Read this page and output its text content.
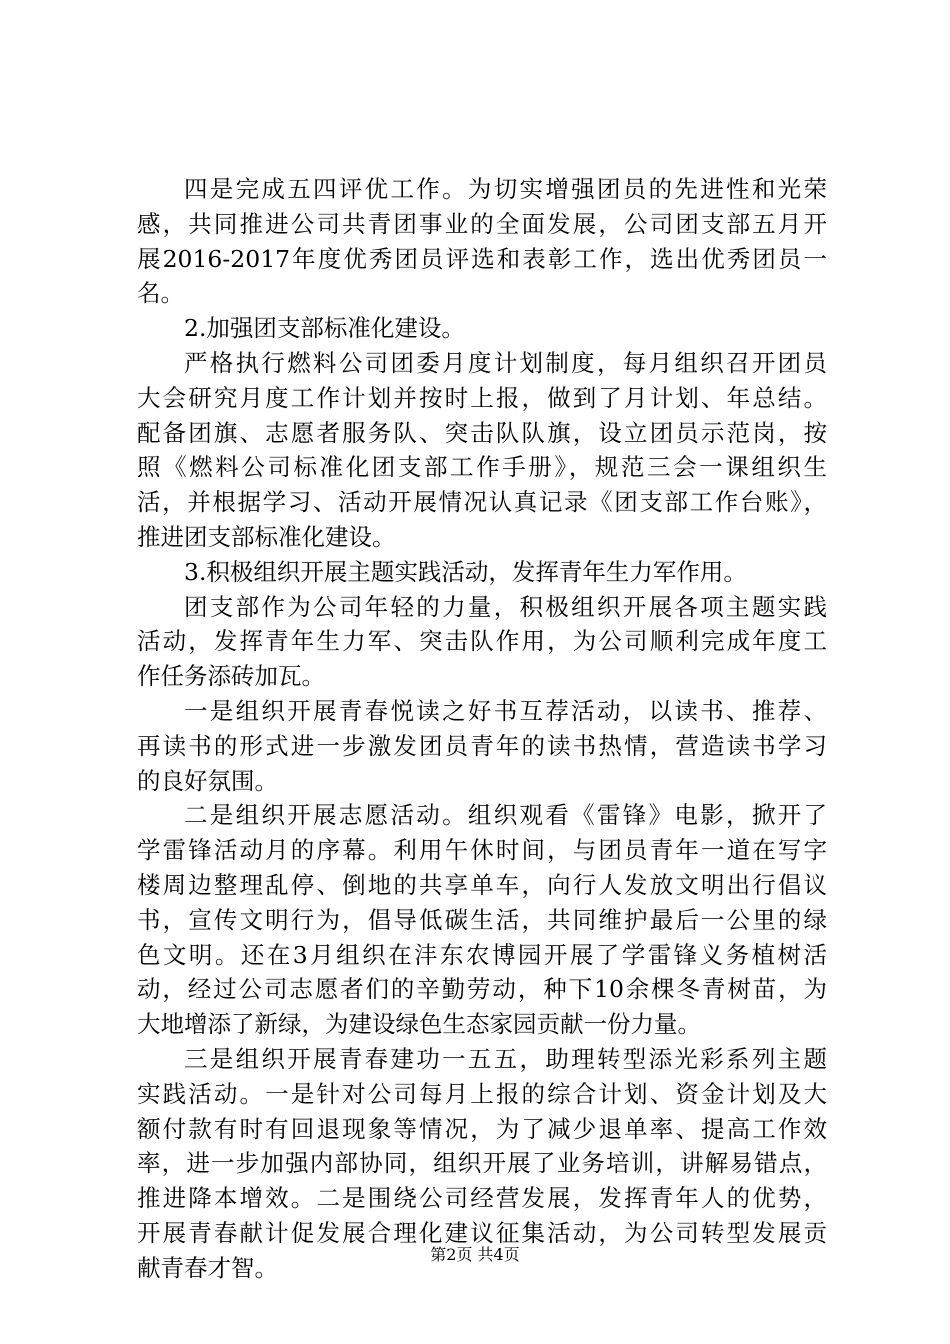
四是完成五四评优工作。为切实增强团员的先进性和光荣
感，共同推进公司共青团事业的全面发展，公司团支部五月开
展2016-2017年度优秀团员评选和表彰工作，选出优秀团员一
名。
2.加强团支部标准化建设。
严格执行燃料公司团委月度计划制度，每月组织召开团员
大会研究月度工作计划并按时上报，做到了月计划、年总结。
配备团旗、志愿者服务队、突击队队旗，设立团员示范岗，按
照《燃料公司标准化团支部工作手册》，规范三会一课组织生
活，并根据学习、活动开展情况认真记录《团支部工作台账》，
推进团支部标准化建设。
3.积极组织开展主题实践活动，发挥青年生力军作用。
团支部作为公司年轻的力量，积极组织开展各项主题实践
活动，发挥青年生力军、突击队作用，为公司顺利完成年度工
作任务添砖加瓦。
一是组织开展青春悦读之好书互荐活动，以读书、推荐、
再读书的形式进一步激发团员青年的读书热情，营造读书学习
的良好氛围。
二是组织开展志愿活动。组织观看《雷锋》电影，掀开了
学雷锋活动月的序幕。利用午休时间，与团员青年一道在写字
楼周边整理乱停、倒地的共享单车，向行人发放文明出行倡议
书，宣传文明行为，倡导低碳生活，共同维护最后一公里的绿
色文明。还在3月组织在沣东农博园开展了学雷锋义务植树活
动，经过公司志愿者们的辛勤劳动，种下10余棵冬青树苗，为
大地增添了新绿，为建设绿色生态家园贡献一份力量。
三是组织开展青春建功一五五，助理转型添光彩系列主题
实践活动。一是针对公司每月上报的综合计划、资金计划及大
额付款有时有回退现象等情况，为了减少退单率、提高工作效
率，进一步加强内部协同，组织开展了业务培训，讲解易错点，
推进降本增效。二是围绕公司经营发展，发挥青年人的优势，
开展青春献计促发展合理化建议征集活动，为公司转型发展贡
献青春才智。	第2页 共4页
